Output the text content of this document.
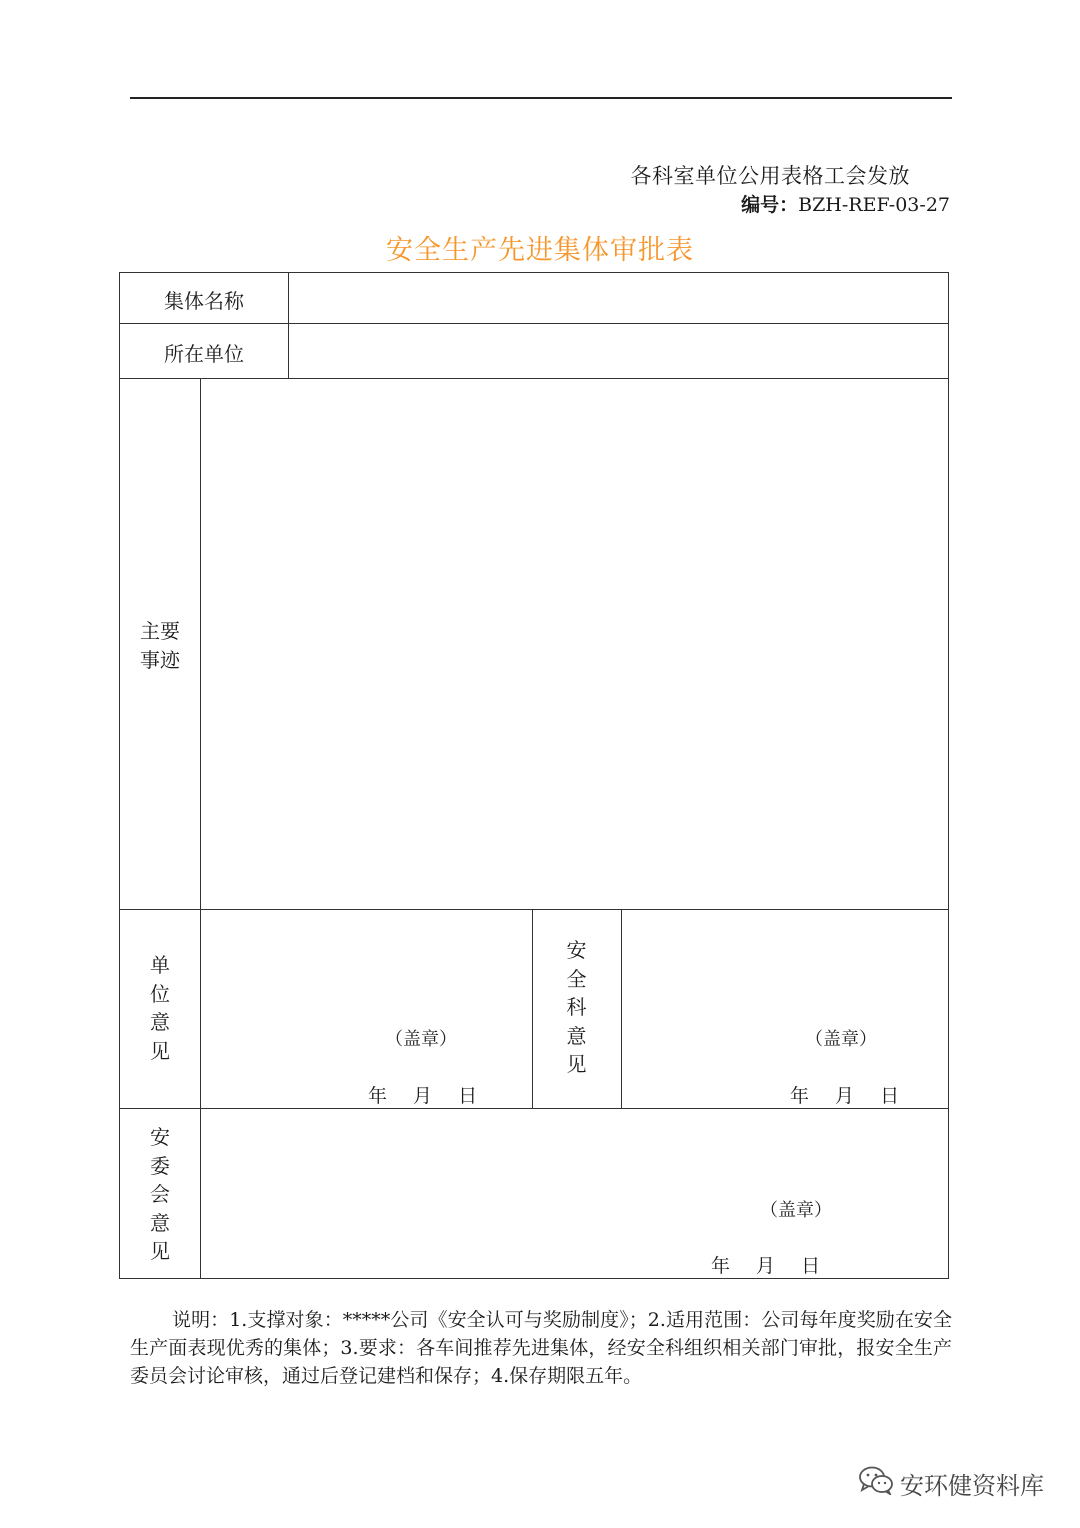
各科室单位公用表格工会发放
编号：BZH-REF-03-27
安全生产先进集体审批表
集体名称
所在单位
主要
事迹
单
位
意
见	（盖章）
年 月 日
安
全
科
意
见
（盖章）
年 月 日
安
委
会
意
见
（盖章）
年 月 日
说明：1.支撑对象：*****公司《安全认可与奖励制度》；2.适用范围：公司每年度奖励在安全生产面表现优秀的集体；3.要求：各车间推荐先进集体，经安全科组织相关部门审批，报安全生产委员会讨论审核，通过后登记建档和保存；4.保存期限五年。
安环健资料库
